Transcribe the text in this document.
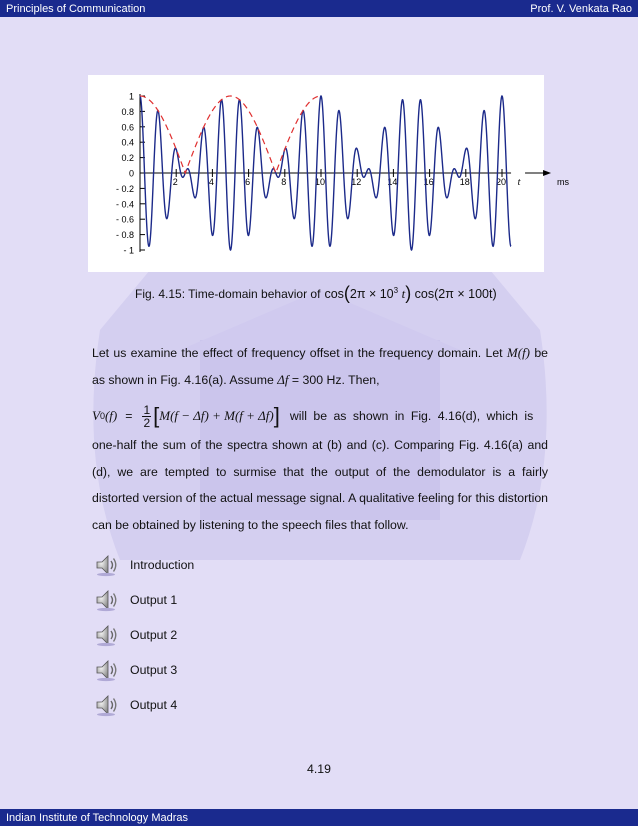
Principles of Communication	Prof. V. Venkata Rao
- 1
- 0.8
- 0.6
- 0.4
- 0.2
0
0.2
0.4
0.6
0.8
1
2	4	6	8	10	12	14	16	18	20 t	ms
Fig. 4.15: Time-domain behavior of $\cos(2\pi \times 10^3$ t) cos(2π × 100t)
Let us examine the effect of frequency offset in the frequency domain. Let M(f) be as shown in Fig. 4.16(a). Assume Δf = 300 Hz. Then,
V 0 $(f) = \frac{1}{2}$ [ M(f − Δf) + M(f + Δf) ] will be as shown in Fig. 4.16(d), which is
one-half the sum of the spectra shown at (b) and (c). Comparing Fig. 4.16(a) and (d), we are tempted to surmise that the output of the demodulator is a fairly distorted version of the actual message signal. A qualitative feeling for this distortion can be obtained by listening to the speech files that follow.
Introduction
Output 1
Output 2
Output 3
Output 4
4.19
Indian Institute of Technology Madras
